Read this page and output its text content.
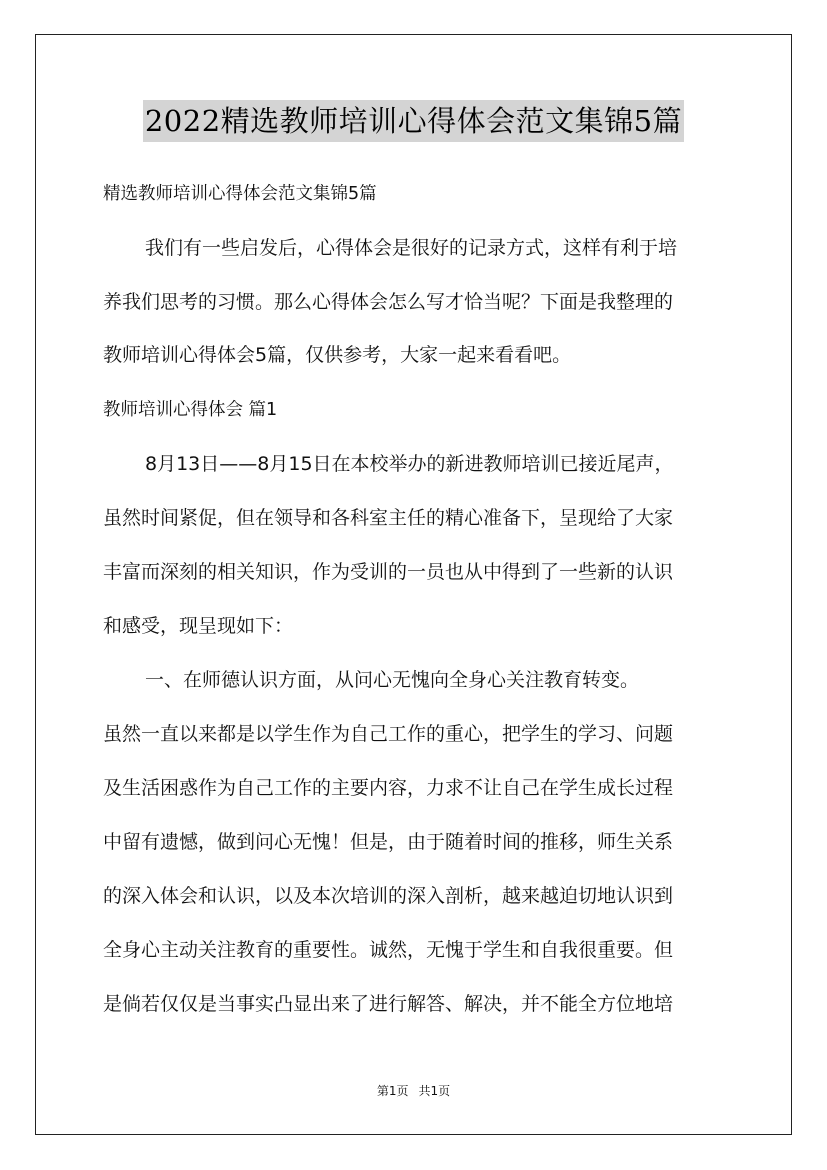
2022精选教师培训心得体会范文集锦5篇
精选教师培训心得体会范文集锦5篇
我们有一些启发后，心得体会是很好的记录方式，这样有利于培
养我们思考的习惯。那么心得体会怎么写才恰当呢？下面是我整理的
教师培训心得体会5篇，仅供参考，大家一起来看看吧。
教师培训心得体会 篇1
8月13日——8月15日在本校举办的新进教师培训已接近尾声，
虽然时间紧促，但在领导和各科室主任的精心准备下，呈现给了大家
丰富而深刻的相关知识，作为受训的一员也从中得到了一些新的认识
和感受，现呈现如下：
一、在师德认识方面，从问心无愧向全身心关注教育转变。
虽然一直以来都是以学生作为自己工作的重心，把学生的学习、问题
及生活困惑作为自己工作的主要内容，力求不让自己在学生成长过程
中留有遗憾，做到问心无愧！但是，由于随着时间的推移，师生关系
的深入体会和认识，以及本次培训的深入剖析，越来越迫切地认识到
全身心主动关注教育的重要性。诚然，无愧于学生和自我很重要。但
是倘若仅仅是当事实凸显出来了进行解答、解决，并不能全方位地培
第1页 共1页
